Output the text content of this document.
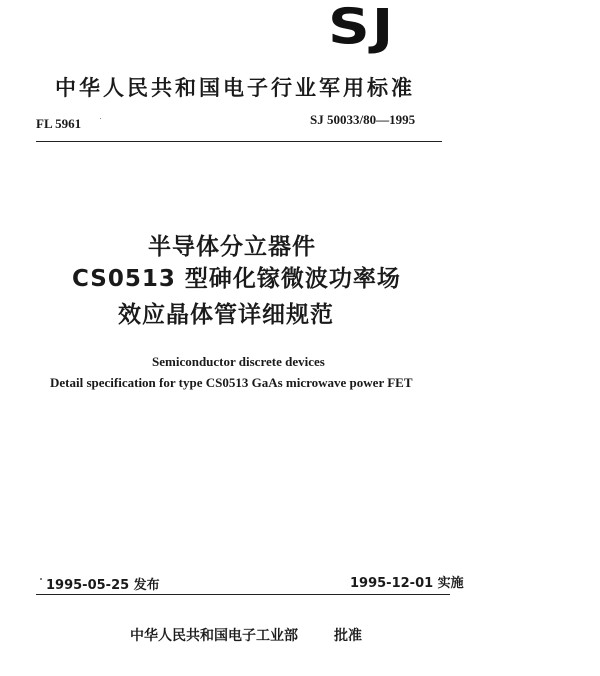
SJ
中华人民共和国电子行业军用标准
FL 5961	SJ 50033/80—1995
半导体分立器件
CS0513 型砷化镓微波功率场
效应晶体管详细规范
Semiconductor discrete devices
Detail specification for type CS0513 GaAs microwave power FET
1995-05-25 发布	1995-12-01 实施
中华人民共和国电子工业部	批准
